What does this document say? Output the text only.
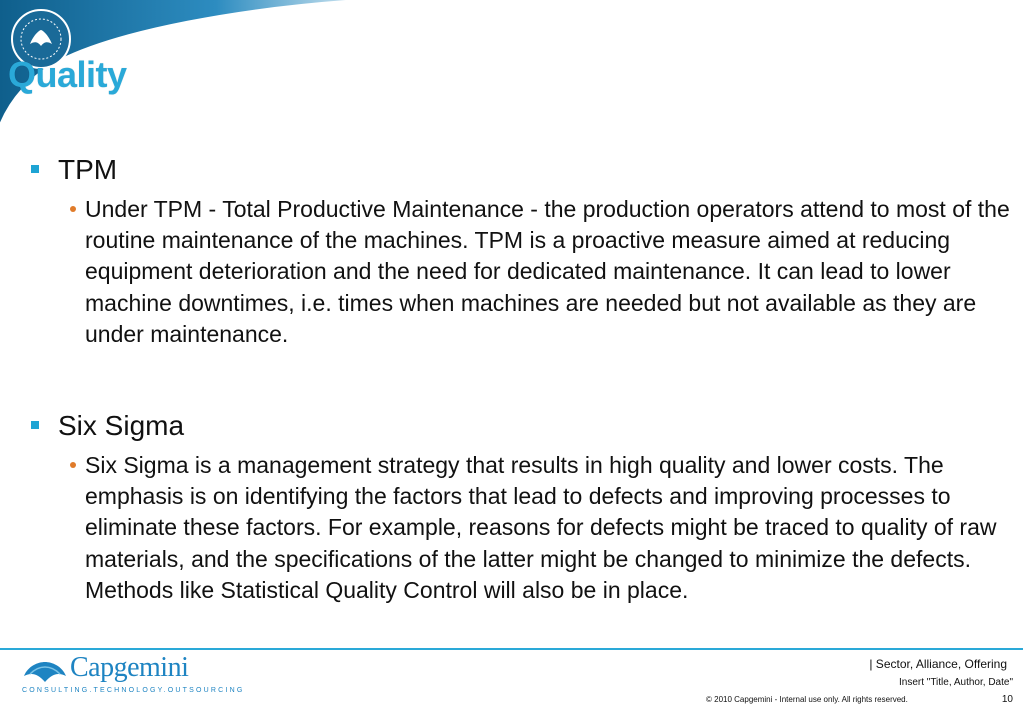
Quality
TPM
Under TPM - Total Productive Maintenance - the production operators attend to most of the routine maintenance of the machines. TPM is a proactive measure aimed at reducing equipment deterioration and the need for dedicated maintenance. It can lead to lower machine downtimes, i.e. times when machines are needed but not available as they are under maintenance.
Six Sigma
Six Sigma is a management strategy that results in high quality and lower costs. The emphasis is on identifying the factors that lead to defects and improving processes to eliminate these factors. For example, reasons for defects might be traced to quality of raw materials, and the specifications of the latter might be changed to minimize the defects. Methods like Statistical Quality Control will also be in place.
Capgemini
CONSULTING.TECHNOLOGY.OUTSOURCING
| Sector, Alliance, Offering
Insert "Title, Author, Date"
© 2010 Capgemini - Internal use only. All rights reserved.	10
